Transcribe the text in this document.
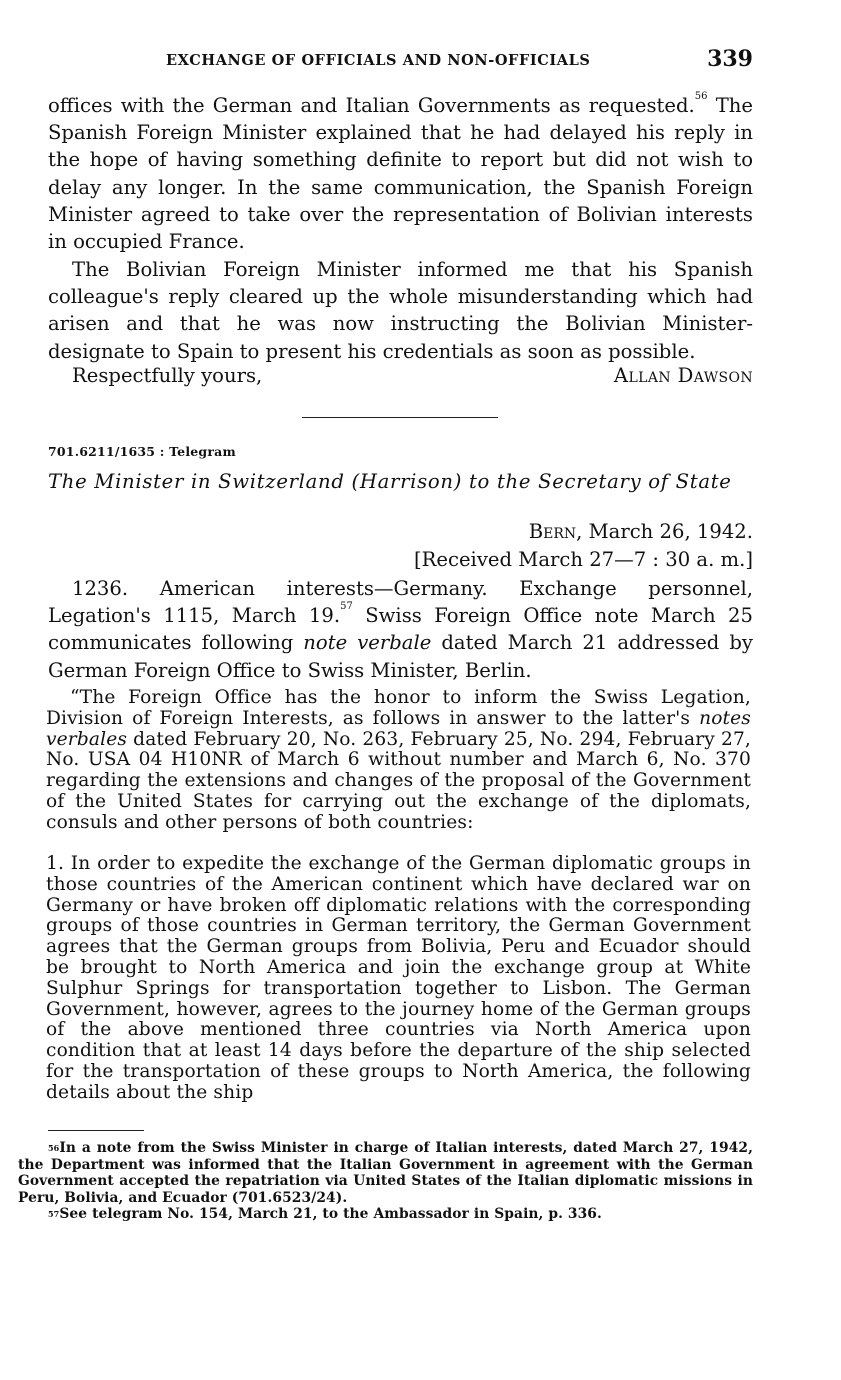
EXCHANGE OF OFFICIALS AND NON-OFFICIALS	339

offices with the German and Italian Governments as requested.$^{56}$ The Spanish Foreign Minister explained that he had delayed his reply in the hope of having something definite to report but did not wish to delay any longer. In the same communication, the Spanish Foreign Minister agreed to take over the representation of Bolivian interests in occupied France.

The Bolivian Foreign Minister informed me that his Spanish colleague's reply cleared up the whole misunderstanding which had arisen and that he was now instructing the Bolivian Minister-designate to Spain to present his credentials as soon as possible.

Respectfully yours,	Allan Dawson
701.6211/1635 : Telegram
The Minister in Switzerland (Harrison) to the Secretary of State
Bern, March 26, 1942.
[Received March 27—7 : 30 a. m.]

1236. American interests—Germany. Exchange personnel, Legation's 1115, March 19.57 Swiss Foreign Office note March 25 communicates following note verbale dated March 21 addressed by German Foreign Office to Swiss Minister, Berlin.

“The Foreign Office has the honor to inform the Swiss Legation, Division of Foreign Interests, as follows in answer to the latter's notes verbales dated February 20, No. 263, February 25, No. 294, February 27, No. USA 04 H10NR of March 6 without number and March 6, No. 370 regarding the extensions and changes of the proposal of the Government of the United States for carrying out the exchange of the diplomats, consuls and other persons of both countries:

1. In order to expedite the exchange of the German diplomatic groups in those countries of the American continent which have declared war on Germany or have broken off diplomatic relations with the corresponding groups of those countries in German territory, the German Government agrees that the German groups from Bolivia, Peru and Ecuador should be brought to North America and join the exchange group at White Sulphur Springs for transportation together to Lisbon. The German Government, however, agrees to the journey home of the German groups of the above mentioned three countries via North America upon condition that at least 14 days before the departure of the ship selected for the transportation of these groups to North America, the following details about the ship

$^{56}$In a note from the Swiss Minister in charge of Italian interests, dated March 27, 1942, the Department was informed that the Italian Government in agreement with the German Government accepted the repatriation via United States of the Italian diplomatic missions in Peru, Bolivia, and Ecuador (701.6523/24).

$^{57}$See telegram No. 154, March 21, to the Ambassador in Spain, p. 336.
